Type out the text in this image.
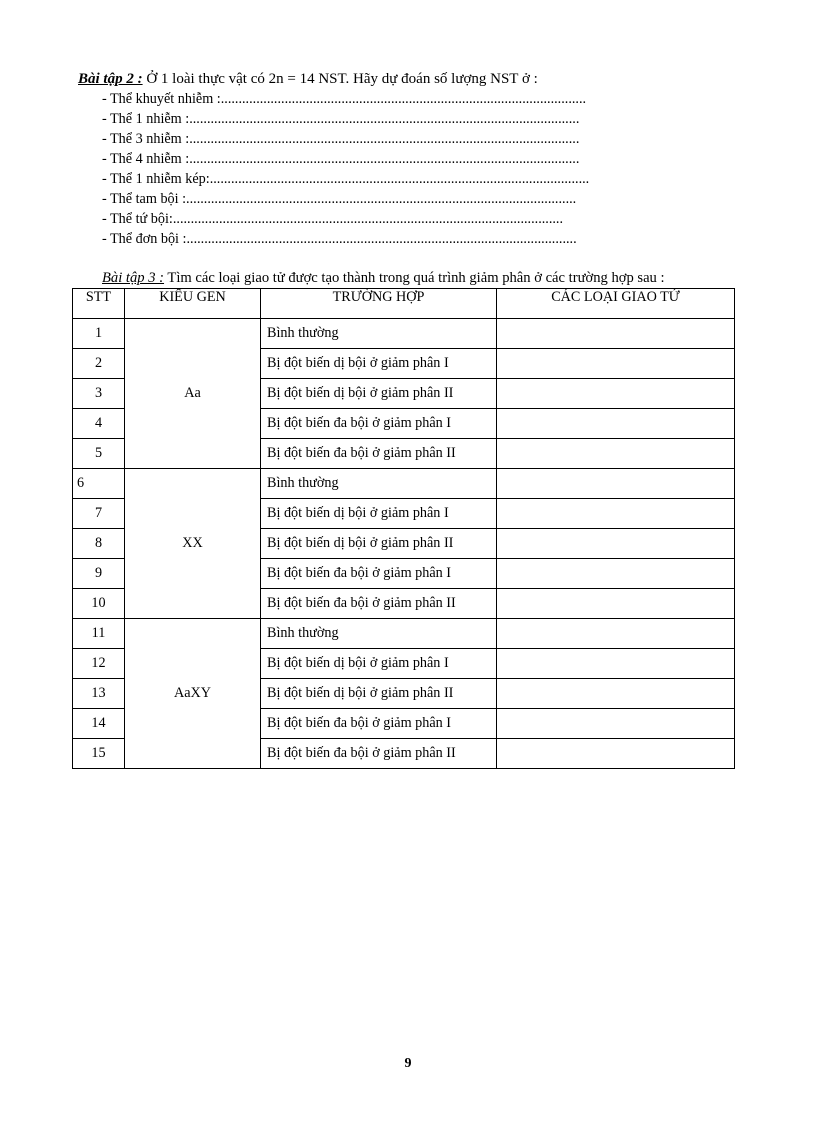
Bài tập 2 : Ở 1 loài thực vật có 2n = 14 NST. Hãy dự đoán số lượng NST ở :
- Thể khuyết nhiễm :.......................................................................................................
- Thể 1 nhiễm :..............................................................................................................
- Thể 3 nhiễm :..............................................................................................................
- Thể 4 nhiễm :..............................................................................................................
- Thể 1 nhiễm kép:...........................................................................................................
- Thể tam bội :..............................................................................................................
- Thể tứ bội:..............................................................................................................
- Thể đơn bội :..............................................................................................................
Bài tập 3 : Tìm các loại giao tử được tạo thành trong quá trình giảm phân ở các trường hợp sau :
STT	KIỂU GEN	TRƯỜNG HỢP	CÁC LOẠI GIAO TỬ
1	Aa	Bình thường	
2		Bị đột biến dị bội ở giảm phân I	
3		Bị đột biến dị bội ở giảm phân II	
4		Bị đột biến đa bội ở giảm phân I	
5		Bị đột biến đa bội ở giảm phân II	
6	XX	Bình thường	
7		Bị đột biến dị bội ở giảm phân I	
8		Bị đột biến dị bội ở giảm phân II	
9		Bị đột biến đa bội ở giảm phân I	
10		Bị đột biến đa bội ở giảm phân II	
11	AaXY	Bình thường	
12		Bị đột biến dị bội ở giảm phân I	
13		Bị đột biến dị bội ở giảm phân II	
14		Bị đột biến đa bội ở giảm phân I	
15		Bị đột biến đa bội ở giảm phân II	
9
